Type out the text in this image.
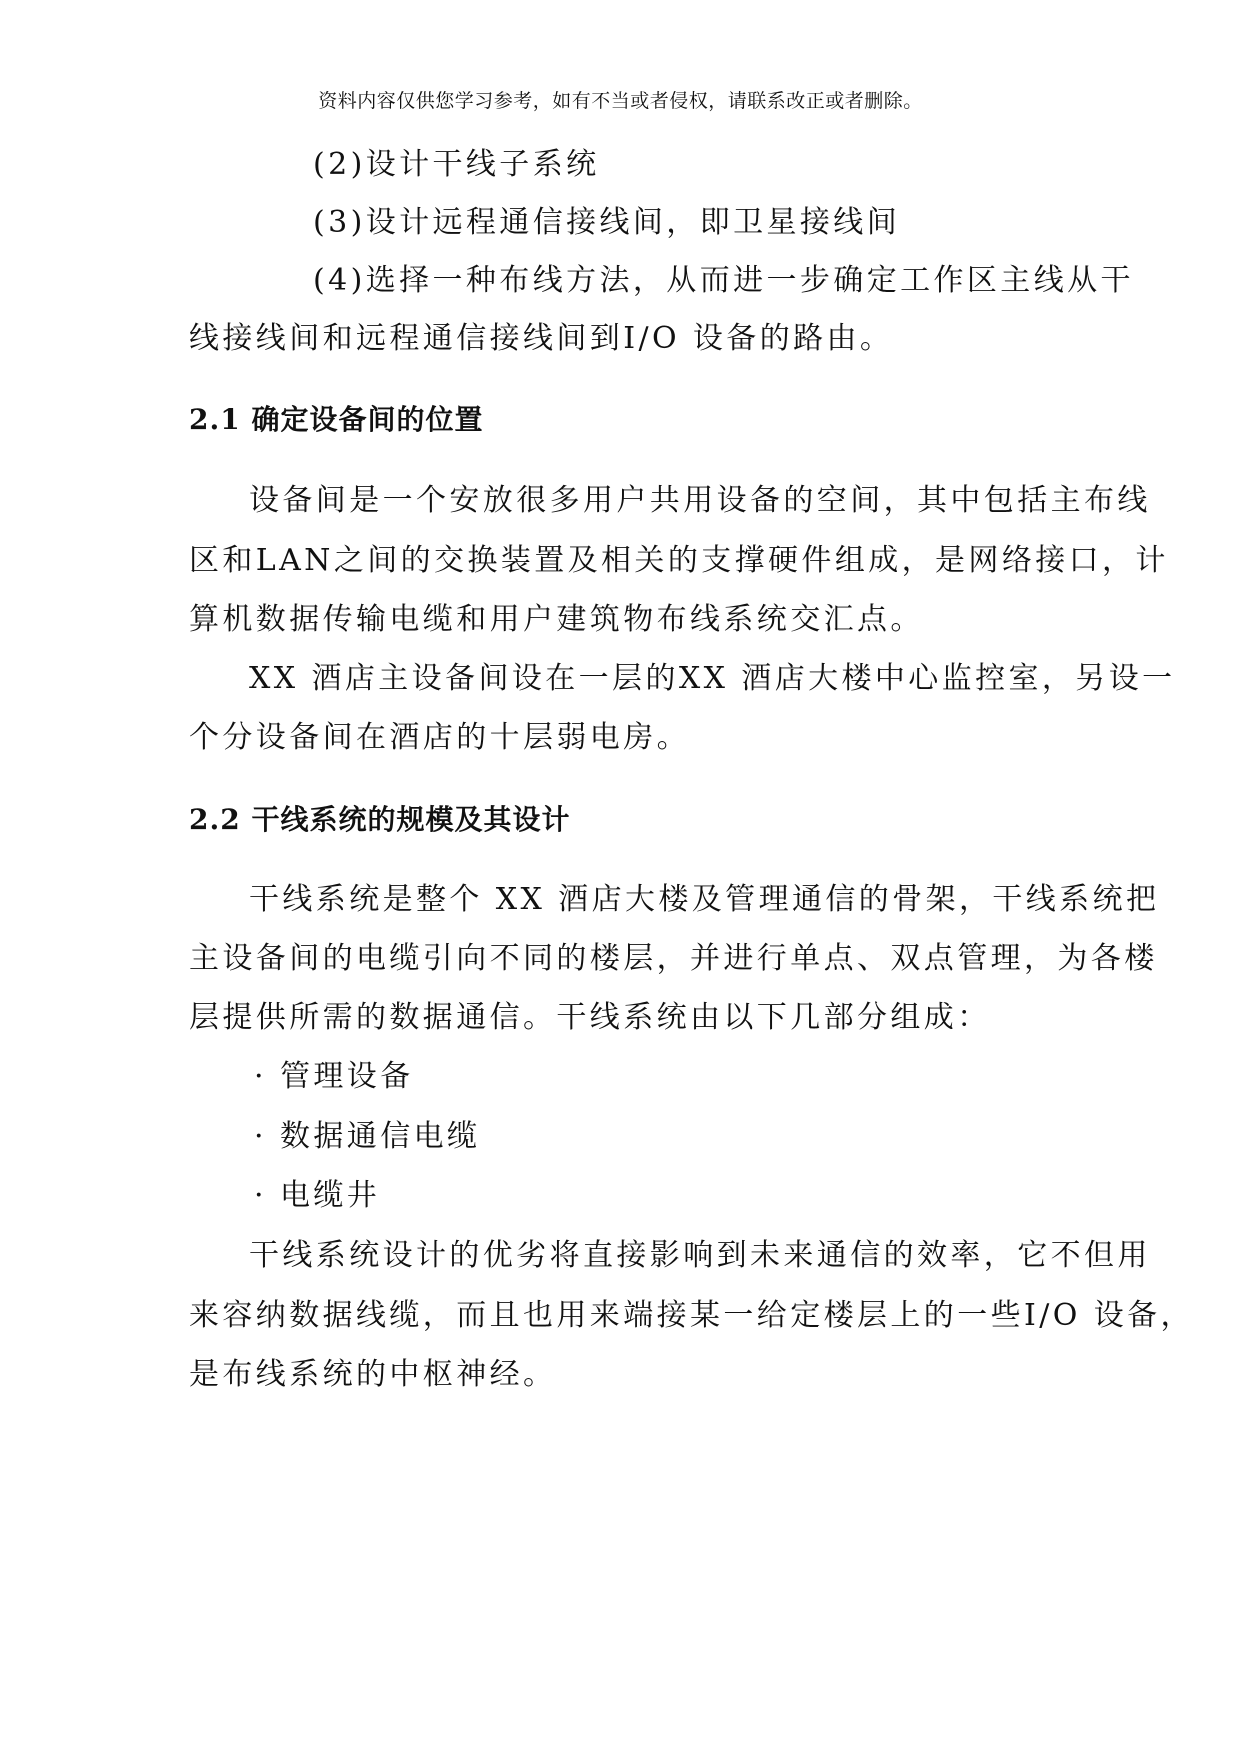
资料内容仅供您学习参考，如有不当或者侵权，请联系改正或者删除。
(2)设计干线子系统
(3)设计远程通信接线间，即卫星接线间
(4)选择一种布线方法，从而进一步确定工作区主线从干
线接线间和远程通信接线间到I/O 设备的路由。
2.1 确定设备间的位置
设备间是一个安放很多用户共用设备的空间，其中包括主布线
区和LAN之间的交换装置及相关的支撑硬件组成，是网络接口，计
算机数据传输电缆和用户建筑物布线系统交汇点。
XX 酒店主设备间设在一层的XX 酒店大楼中心监控室，另设一
个分设备间在酒店的十层弱电房。
2.2 干线系统的规模及其设计
干线系统是整个 XX 酒店大楼及管理通信的骨架，干线系统把
主设备间的电缆引向不同的楼层，并进行单点、双点管理，为各楼
层提供所需的数据通信。干线系统由以下几部分组成：
· 管理设备
· 数据通信电缆
· 电缆井
干线系统设计的优劣将直接影响到未来通信的效率，它不但用
来容纳数据线缆，而且也用来端接某一给定楼层上的一些I/O 设备，
是布线系统的中枢神经。
